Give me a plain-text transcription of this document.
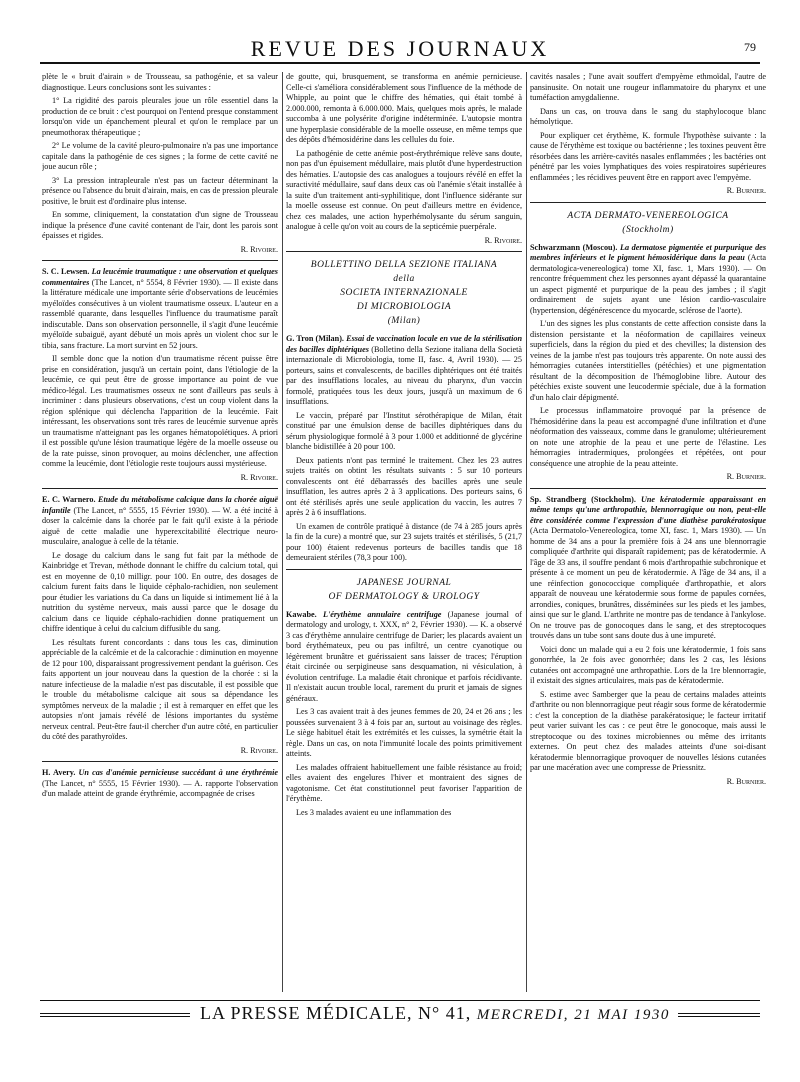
REVUE DES JOURNAUX	79

plète le « bruit d'airain » de Trousseau, sa pathogénie, et sa valeur diagnostique. Leurs conclusions sont les suivantes :

1° La rigidité des parois pleurales joue un rôle essentiel dans la production de ce bruit : c'est pourquoi on l'entend presque constamment lorsqu'on vide un épanchement pleural et qu'on le remplace par un pneumothorax thérapeutique ;

2° Le volume de la cavité pleuro-pulmonaire n'a pas une importance capitale dans la pathogénie de ces signes ; la forme de cette cavité ne joue aucun rôle ;

3° La pression intrapleurale n'est pas un facteur déterminant la présence ou l'absence du bruit d'airain, mais, en cas de pression pleurale positive, le bruit est d'ordinaire plus intense.

En somme, cliniquement, la constatation d'un signe de Trousseau indique la présence d'une cavité contenant de l'air, dont les parois sont épaisses et rigides.

R. Rivoire.

S. C. Lewsen. La leucémie traumatique : une observation et quelques commentaires (The Lancet, n° 5554, 8 Février 1930). — Il existe dans la littérature médicale une importante série d'observations de leucémies myéloïdes consécutives à un violent traumatisme osseux. L'auteur en a rassemblé quarante, dans lesquelles l'influence du traumatisme paraît indiscutable. Dans son observation personnelle, il s'agit d'une leucémie myéloïde subaiguë, ayant débuté un mois après un violent choc sur le tibia, sans fracture. La mort survint en 52 jours.

Il semble donc que la notion d'un traumatisme récent puisse être prise en considération, jusqu'à un certain point, dans l'étiologie de la leucémie, ce qui peut être de grosse importance au point de vue médico-légal. Les traumatismes osseux ne sont d'ailleurs pas seuls à incriminer : dans plusieurs observations, c'est un coup violent dans la région splénique qui déclencha l'apparition de la leucémie. Fait intéressant, les observations sont très rares de leucémie survenue après un traumatisme n'atteignant pas les organes hématopoïétiques. A priori il est possible qu'une lésion traumatique légère de la moelle osseuse ou de la rate puisse, sinon provoquer, au moins déclencher, une affection comme la leucémie, dont l'étiologie reste toujours aussi mystérieuse.

R. Rivoire.

E. C. Warnero. Etude du métabolisme calcique dans la chorée aiguë infantile (The Lancet, n° 5555, 15 Février 1930). — W. a été incité à doser la calcémie dans la chorée par le fait qu'il existe à la période aiguë de cette maladie une hyperexcitabilité électrique neuro-musculaire, analogue à celle de la tétanie.

Le dosage du calcium dans le sang fut fait par la méthode de Kainbridge et Trevan, méthode donnant le chiffre du calcium total, qui est en moyenne de 0,10 milligr. pour 100. En outre, des dosages de calcium furent faits dans le liquide céphalo-rachidien, non seulement pour étudier les variations du Ca dans un liquide si intimement lié à la nutrition du système nerveux, mais aussi parce que le dosage du calcium dans ce liquide céphalo-rachidien donne pratiquement un chiffre identique à celui du calcium diffusible du sang.

Les résultats furent concordants : dans tous les cas, diminution appréciable de la calcémie et de la calcorachie : diminution en moyenne de 12 pour 100, disparaissant progressivement pendant la guérison. Ces faits apportent un jour nouveau dans la question de la chorée : si la nature infectieuse de la maladie n'est pas discutable, il est possible que le trouble du métabolisme calcique ait sous sa dépendance les symptômes nerveux de la maladie ; il est à remarquer en effet que les autopsies n'ont jamais révélé de lésions importantes du système nerveux central. Peut-être faut-il chercher d'un autre côté, en particulier du côté des parathyroïdes.

R. Rivoire.

H. Avery. Un cas d'anémie pernicieuse succédant à une érythrémie (The Lancet, n° 5555, 15 Février 1930). — A. rapporte l'observation d'un malade atteint de grande érythrémie, accompagnée de crises

de goutte, qui, brusquement, se transforma en anémie pernicieuse. Celle-ci s'améliora considérablement sous l'influence de la méthode de Whipple, au point que le chiffre des hématies, qui était tombé à 2.000.000, remonta à 6.000.000. Mais, quelques mois après, le malade succomba à une polysérite d'origine indéterminée. L'autopsie montra une hyperplasie considérable de la moelle osseuse, en même temps que des dépôts d'hémosidérine dans les cellules du foie.

La pathogénie de cette anémie post-érythrémique relève sans doute, non pas d'un épuisement médullaire, mais plutôt d'une hyperdestruction des hématies. L'autopsie des cas analogues a toujours révélé en effet la suractivité médullaire, sauf dans deux cas où l'anémie s'était installée à la suite d'un traitement anti-syphilitique, dont l'influence sidérante sur la moelle osseuse est connue. On peut d'ailleurs mettre en évidence, chez ces malades, une action hyperhémolysante du sérum sanguin, analogue à celle qu'on voit au cours de la septicémie puerpérale.

R. Rivoire.
BOLLETTINO DELLA SEZIONE ITALIANA
della
SOCIETA INTERNAZIONALE
DI MICROBIOLOGIA
(Milan)

G. Tron (Milan). Essai de vaccination locale en vue de la stérilisation des bacilles diphtériques (Bolletino della Sezione italiana della Società internazionale di Microbiologia, tome II, fasc. 4, Avril 1930). — 25 porteurs, sains et convalescents, de bacilles diphtériques ont été traités par des insufflations locales, au niveau du pharynx, d'un vaccin formolé, pratiquées tous les deux jours, jusqu'à un maximum de 6 insufflations.

Le vaccin, préparé par l'Institut sérothérapique de Milan, était constitué par une émulsion dense de bacilles diphtériques dans du sérum physiologique formolé à 3 pour 1.000 et additionné de glycérine blanche bidistillée à 20 pour 100.

Deux patients n'ont pas terminé le traitement. Chez les 23 autres sujets traités on obtint les résultats suivants : 5 sur 10 porteurs convalescents ont été débarrassés des bacilles après une seule insufflation, les autres après 2 à 3 applications. Des porteurs sains, 6 ont été stérilisés après une seule application du vaccin, les autres 7 après 2 à 6 insufflations.

Un examen de contrôle pratiqué à distance (de 74 à 285 jours après la fin de la cure) a montré que, sur 23 sujets traités et stérilisés, 5 (21,7 pour 100) étaient redevenus porteurs de bacilles tandis que 18 demeuraient stériles (78,3 pour 100).

JAPANESE JOURNAL
OF DERMATOLOGY & UROLOGY

Kawabe. L'érythème annulaire centrifuge (Japanese journal of dermatology and urology, t. XXX, n° 2, Février 1930). — K. a observé 3 cas d'érythème annulaire centrifuge de Darier; les placards avaient un bord érythémateux, peu ou pas infiltré, un centre cyanotique ou légèrement brunâtre et guérissaient sans laisser de traces; l'éruption était circinée ou serpigineuse sans desquamation, ni vésiculation, à évolution centrifuge. La maladie était chronique et parfois récidivante. Il n'existait aucun trouble local, rarement du prurit et jamais de signes généraux.

Les 3 cas avaient trait à des jeunes femmes de 20, 24 et 26 ans ; les poussées survenaient 3 à 4 fois par an, surtout au voisinage des règles. Le siège habituel était les extrémités et les cuisses, la symétrie était la règle. Dans un cas, on nota l'immunité locale des points primitivement atteints.

Les malades offraient habituellement une faible résistance au froid; elles avaient des engelures l'hiver et montraient des signes de vagotonisme. Cet état constitutionnel peut favoriser l'apparition de l'érythème.

Les 3 malades avaient eu une inflammation des

cavités nasales ; l'une avait souffert d'empyème ethmoïdal, l'autre de pansinusite. On notait une rougeur inflammatoire du pharynx et une tuméfaction amygdalienne.

Dans un cas, on trouva dans le sang du staphylocoque blanc hémolytique.

Pour expliquer cet érythème, K. formule l'hypothèse suivante : la cause de l'érythème est toxique ou bactérienne ; les toxines peuvent être résorbées dans les arrière-cavités nasales enflammées ; les bactéries ont pénétré par les voies lymphatiques des voies respiratoires supérieures enflammées ; les récidives peuvent être en rapport avec l'empyème.

R. Burnier.
ACTA DERMATO-VENEREOLOGICA
(Stockholm)

Schwarzmann (Moscou). La dermatose pigmentée et purpurique des membres inférieurs et le pigment hémosidérique dans la peau (Acta dermatologica-venereologica) tome XI, fasc. 1, Mars 1930). — On rencontre fréquemment chez les personnes ayant dépassé la quarantaine un aspect pigmenté et purpurique de la peau des jambes ; il s'agit ordinairement de sujets ayant une lésion cardio-vasculaire (hypertension, dégénérescence du myocarde, sclérose de l'aorte).

L'un des signes les plus constants de cette affection consiste dans la distension persistante et la néoformation de capillaires veineux superficiels, dans la région du pied et des chevilles; la distension des veines de la jambe n'est pas toujours très apparente. On note aussi des hémorragies cutanées interstitielles (pétéchies) et une pigmentation résultant de la décomposition de l'hémoglobine libre. Autour des pétéchies existe souvent une leucodermie spéciale, due à la formation d'un halo clair dépigmenté.

Le processus inflammatoire provoqué par la présence de l'hémosidérine dans la peau est accompagné d'une infiltration et d'une néoformation des vaisseaux, comme dans le granulome; ultérieurement on note une atrophie de la peau et une perte de l'élastine. Les hémorragies intradermiques, prolongées et répétées, ont pour conséquence une atrophie de la peau atteinte.

R. Burnier.

Sp. Strandberg (Stockholm). Une kératodermie apparaissant en même temps qu'une arthropathie, blennorragique ou non, peut-elle être considérée comme l'expression d'une diathèse parakératosique (Acta Dermatolo-Venereologica, tome XI, fasc. 1, Mars 1930). — Un homme de 34 ans a pour la première fois à 24 ans une blennorragie compliquée d'arthrite qui disparaît rapidement; pas de kératodermie. A l'âge de 33 ans, il souffre pendant 6 mois d'arthropathie subchronique et présente à ce moment un peu de kératodermie. A l'âge de 34 ans, il a une réinfection gonococcique compliquée d'arthropathie, et alors apparaît de nouveau une kératodermie sous forme de papules cornées, arrondies, coniques, brunâtres, disséminées sur les pieds et les jambes, ainsi que sur le gland. L'arthrite ne montre pas de tendance à l'ankylose. On ne trouve pas de gonocoques dans le sang, et des streptocoques trouvés dans un tube sont sans doute dus à une impureté.

Voici donc un malade qui a eu 2 fois une kératodermie, 1 fois sans gonorrhée, la 2e fois avec gonorrhée; dans les 2 cas, les lésions cutanées ont accompagné une arthropathie. Lors de la 1re blennorragie, il existait des signes articulaires, mais pas de kératodermie.

S. estime avec Samberger que la peau de certains malades atteints d'arthrite ou non blennorragique peut réagir sous forme de kératodermie : c'est la conception de la diathèse parakératosique; le facteur irritatif peut varier suivant les cas : ce peut être le gonocoque, mais aussi le streptocoque ou des toxines microbiennes ou même des irritants externes. On peut chez des malades atteints d'une soi-disant kératodermie blennorragique provoquer de nouvelles lésions cutanées par une macération avec une compresse de Priessnitz.

R. Burnier.
LA PRESSE MÉDICALE, N° 41, MERCREDI, 21 MAI 1930
